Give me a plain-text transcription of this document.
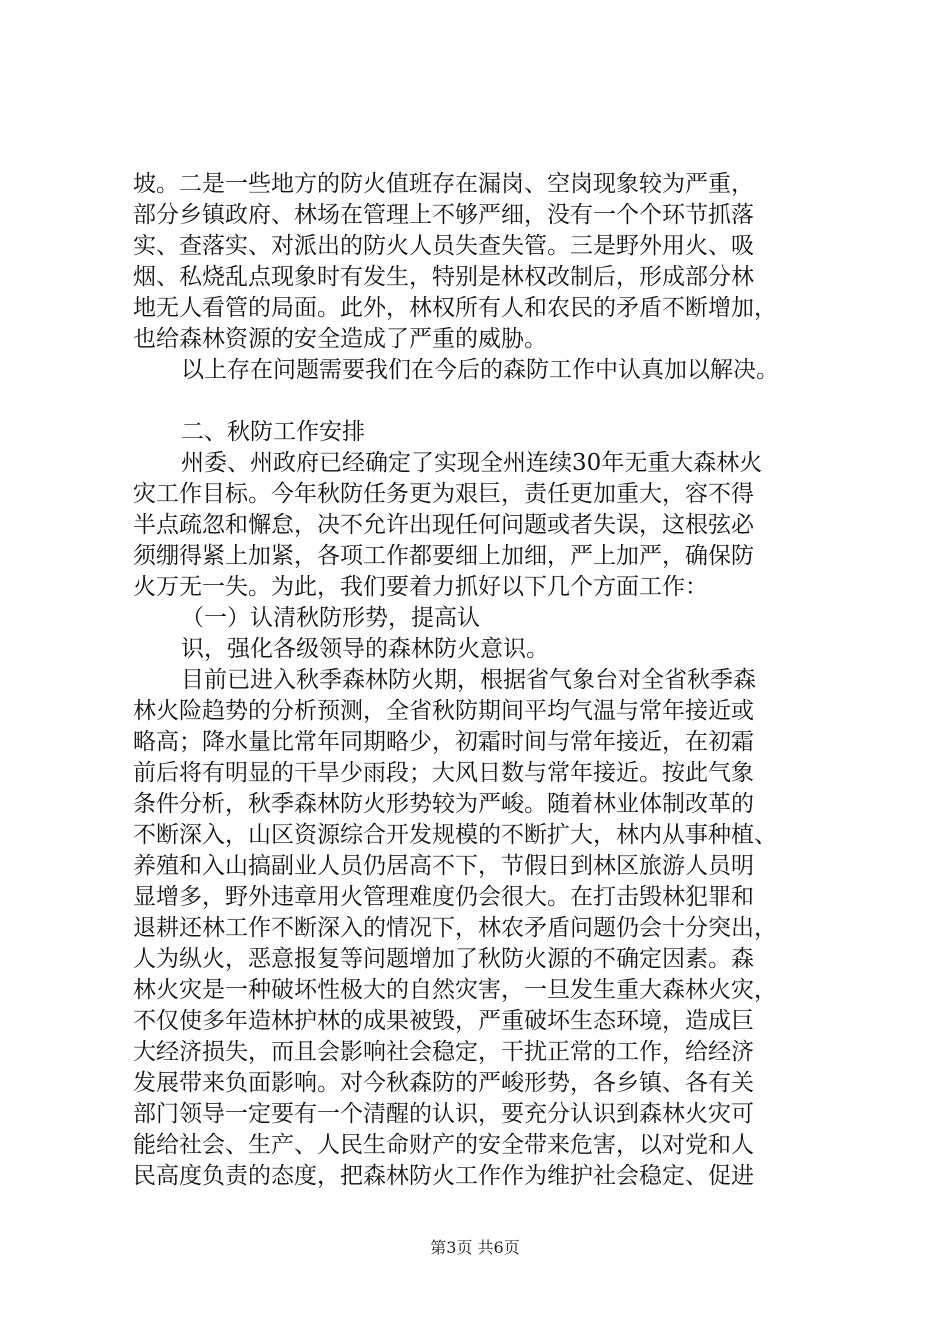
坡。二是一些地方的防火值班存在漏岗、空岗现象较为严重，
部分乡镇政府、林场在管理上不够严细，没有一个个环节抓落
实、查落实、对派出的防火人员失查失管。三是野外用火、吸
烟、私烧乱点现象时有发生，特别是林权改制后，形成部分林
地无人看管的局面。此外，林权所有人和农民的矛盾不断增加，
也给森林资源的安全造成了严重的威胁。
以上存在问题需要我们在今后的森防工作中认真加以解决。
二、秋防工作安排
州委、州政府已经确定了实现全州连续30年无重大森林火
灾工作目标。今年秋防任务更为艰巨，责任更加重大，容不得
半点疏忽和懈怠，决不允许出现任何问题或者失误，这根弦必
须绷得紧上加紧，各项工作都要细上加细，严上加严，确保防
火万无一失。为此，我们要着力抓好以下几个方面工作：
（一）认清秋防形势，提高认
识，强化各级领导的森林防火意识。
目前已进入秋季森林防火期，根据省气象台对全省秋季森
林火险趋势的分析预测，全省秋防期间平均气温与常年接近或
略高；降水量比常年同期略少，初霜时间与常年接近，在初霜
前后将有明显的干旱少雨段；大风日数与常年接近。按此气象
条件分析，秋季森林防火形势较为严峻。随着林业体制改革的
不断深入，山区资源综合开发规模的不断扩大，林内从事种植、
养殖和入山搞副业人员仍居高不下，节假日到林区旅游人员明
显增多，野外违章用火管理难度仍会很大。在打击毁林犯罪和
退耕还林工作不断深入的情况下，林农矛盾问题仍会十分突出，
人为纵火，恶意报复等问题增加了秋防火源的不确定因素。森
林火灾是一种破坏性极大的自然灾害，一旦发生重大森林火灾，
不仅使多年造林护林的成果被毁，严重破坏生态环境，造成巨
大经济损失，而且会影响社会稳定，干扰正常的工作，给经济
发展带来负面影响。对今秋森防的严峻形势，各乡镇、各有关
部门领导一定要有一个清醒的认识，要充分认识到森林火灾可
能给社会、生产、人民生命财产的安全带来危害，以对党和人
民高度负责的态度，把森林防火工作作为维护社会稳定、促进
第3页 共6页
